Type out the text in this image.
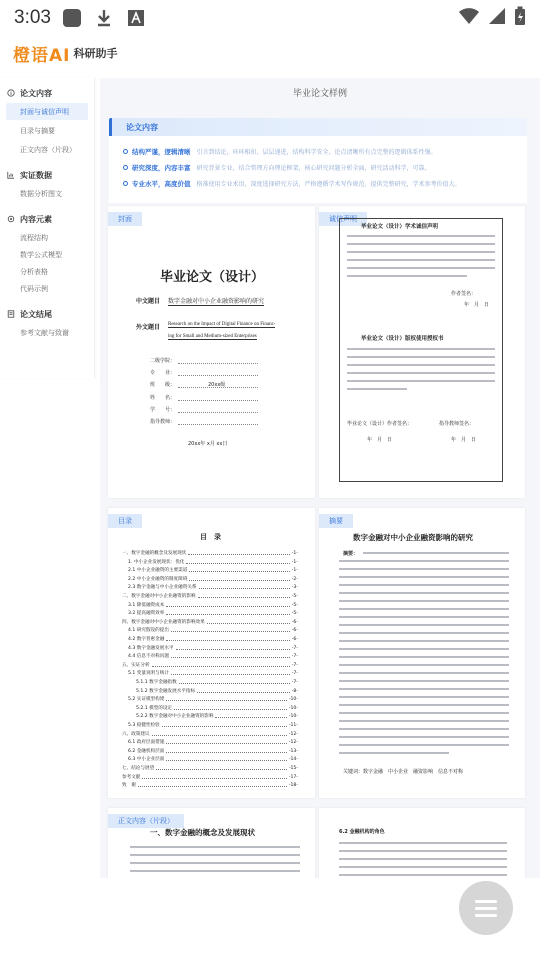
3:03
橙语AI 科研助手
论文内容
封面与诚信声明
目录与摘要
正文内容（片段）
实证数据
数据分析图文
内容元素
流程结构
数学公式模型
分析表格
代码示例
论文结尾
参考文献与致谢
毕业论文样例
论文内容
结构严谨，逻辑清晰 引言到结论，环环相扣，层层递进，结构科学安全，论点清晰所有点完整的逻辑体系性强。
研究深度，内容丰富 研究背景专业，结合管理方向理论框架，核心研究问题分析全面，研究活动科学，可靠。
专业水平，高度价值 格准使用专业术语，深度选择研究方法，严格遵循学术写作规范，提供完整研究，学术参考价值大。
封面
毕业论文（设计）
中文题目 数字金融对中小企业融资影响的研究
外文题目 Research on the Impact of Digital Finance on Financ-
ing for Small and Medium-sized Enterprises
二级学院：
专　　业：
班　　级：
姓　　名：
学　　号：
指导教师：
20xx级
20xx年 x月 xx日
诚信声明
毕业论文（设计）学术诚信声明
作者签名：
年　月　日
毕业论文（设计）版权使用授权书
毕业论文（设计）作者签名：	指导教师签名：
年　月　日	年　月　日
目录
目　录
一、数字金融的概念及发展现状	-1-
1. 中小企业发展现状：优化	-1-
2.1 中小企业融资的主要渠道	-1-
2.2 中小企业融资的制度障碍	-2-
2.3 数字金融与中小企业融资关系	-3-
二、数字金融对中小企业融资的影响	-5-
3.1 降低融资成本	-5-
3.2 提高融资效率	-5-
四、数字金融对中小企业融资的影响效果	-6-
4.1 研究假设的提出	-6-
4.2 数字普惠金融	-6-
4.3 数字金融发展水平	-7-
4.4 信息不对称问题	-7-
五、实证分析	-7-
5.1 变量说明与统计	-7-
5.1.1 数字金融指数	-7-
5.1.2 数字金融发展水平指标	-8-
5.2 实证模型构建	-10-
5.2.1 模型的设定	-10-
5.2.2 数字金融对中小企业融资的影响	-10-
5.3 稳健性检验	-11-
六、政策建议	-12-
6.1 政府层面措施	-12-
6.2 金融机构层面	-13-
6.3 中小企业层面	-14-
七、结论与展望	-15-
参考文献	-17-
致　谢	-18-
摘要
数字金融对中小企业融资影响的研究
摘要：
关键词：数字金融　中小企业　融资影响　信息不对称
正文内容（片段）
一、数字金融的概念及发展现状	6.2 金融机构的角色
